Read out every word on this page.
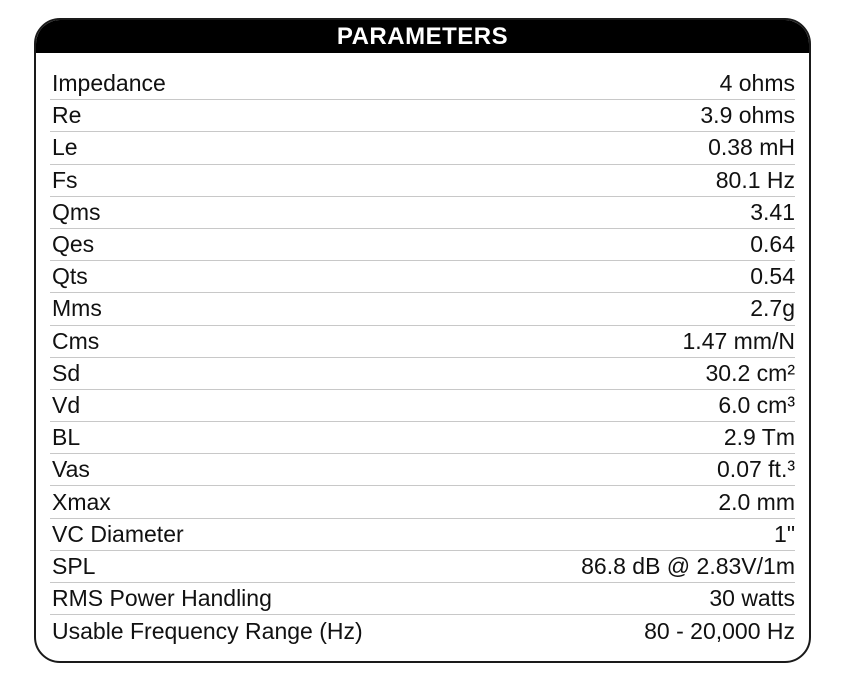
PARAMETERS
Impedance	4 ohms
Re	3.9 ohms
Le	0.38 mH
Fs	80.1 Hz
Qms	3.41
Qes	0.64
Qts	0.54
Mms	2.7g
Cms	1.47 mm/N
Sd	30.2 cm²
Vd	6.0 cm³
BL	2.9 Tm
Vas	0.07 ft.³
Xmax	2.0 mm
VC Diameter	1"
SPL	86.8 dB @ 2.83V/1m
RMS Power Handling	30 watts
Usable Frequency Range (Hz)	80 - 20,000 Hz
